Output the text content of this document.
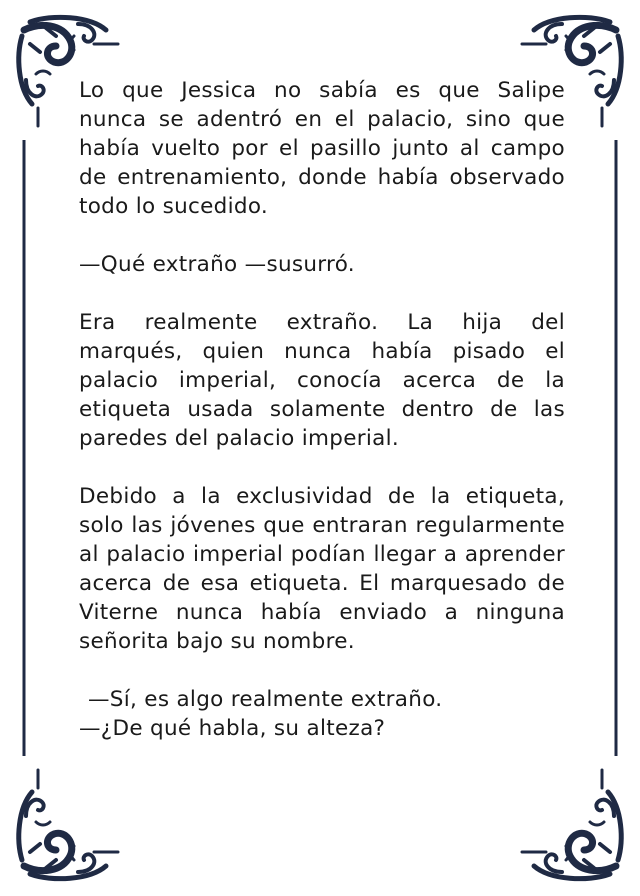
Lo que Jessica no sabía es que Salipe nunca se adentró en el palacio, sino que había vuelto por el pasillo junto al campo de entrenamiento, donde había observado todo lo sucedido.

—Qué extraño —susurró.

Era realmente extraño. La hija del marqués, quien nunca había pisado el palacio imperial, conocía acerca de la etiqueta usada solamente dentro de las paredes del palacio imperial.

Debido a la exclusividad de la etiqueta, solo las jóvenes que entraran regularmente al palacio imperial podían llegar a aprender acerca de esa etiqueta. El marquesado de Viterne nunca había enviado a ninguna señorita bajo su nombre.

—Sí, es algo realmente extraño.

—¿De qué habla, su alteza?
